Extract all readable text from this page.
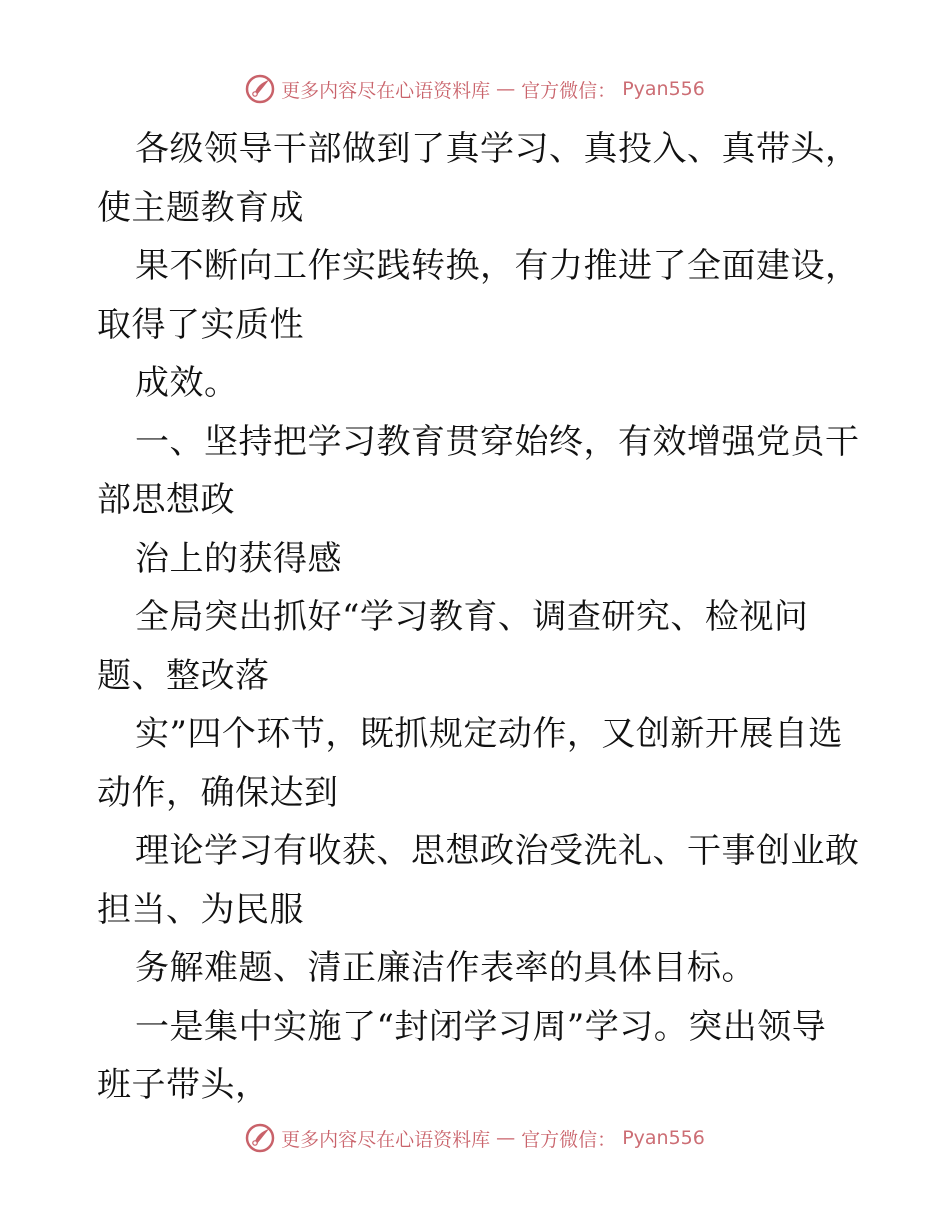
更多内容尽在心语资料库 — 官方微信： Pyan556
各级领导干部做到了真学习、真投入、真带头，
使主题教育成
果不断向工作实践转换，有力推进了全面建设，
取得了实质性
成效。
一、坚持把学习教育贯穿始终，有效增强党员干
部思想政
治上的获得感
全局突出抓好“学习教育、调查研究、检视问
题、整改落
实”四个环节，既抓规定动作，又创新开展自选
动作，确保达到
理论学习有收获、思想政治受洗礼、干事创业敢
担当、为民服
务解难题、清正廉洁作表率的具体目标。
一是集中实施了“封闭学习周”学习。突出领导
班子带头，
更多内容尽在心语资料库 — 官方微信： Pyan556
